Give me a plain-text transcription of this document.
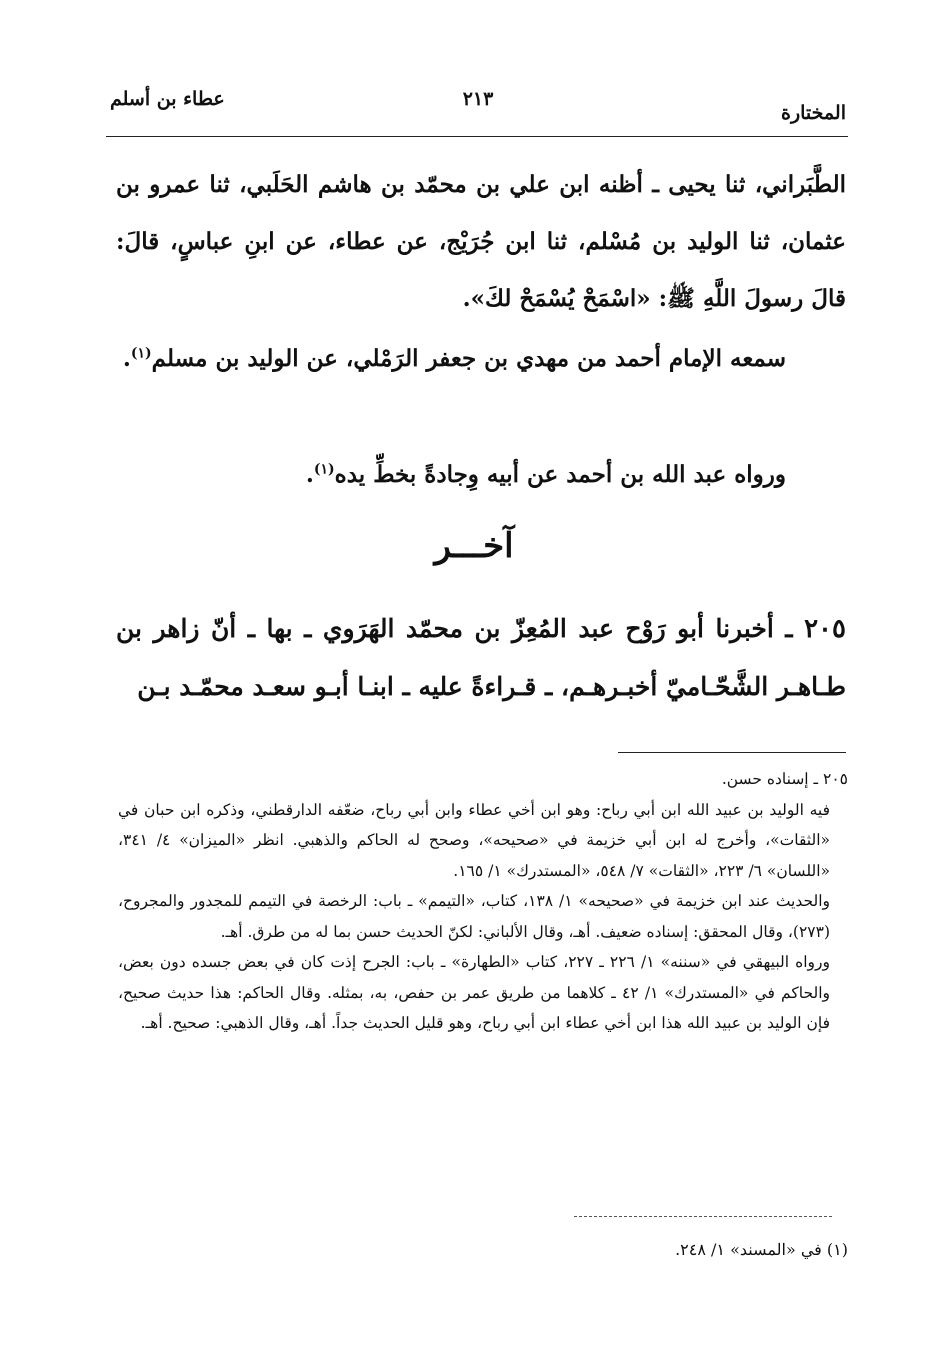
المختارة
٢١٣
عطاء بن أسلم

الطَّبَراني، ثنا يحيى ـ أظنه ابن علي بن محمّد بن هاشم الحَلَبي، ثنا عمرو بن عثمان، ثنا الوليد بن مُسْلم، ثنا ابن جُرَيْج، عن عطاء، عن ابنِ عباسٍ، قالَ: قالَ رسولَ اللَّهِ ﷺ: «اسْمَحْ يُسْمَحْ لكَ».

سمعه الإمام أحمد من مهدي بن جعفر الرَمْلي، عن الوليد بن مسلم$^{(١)}$.

ورواه عبد الله بن أحمد عن أبيه وِجادةً بخطِّ يده$^{(١)}$.

آخـــر

٢٠٥ ـ أخبرنا أبو رَوْح عبد المُعِزّ بن محمّد الهَرَوي ـ بها ـ أنّ زاهر بن طـاهـر الشَّحّـاميّ أخبـرهـم، ـ قـراءةً عليه ـ ابنـا أبـو سعـد محمّـد بـن

٢٠٥ ـ إسناده حسن.

فيه الوليد بن عبيد الله ابن أبي رباح: وهو ابن أخي عطاء وابن أبي رباح، ضعّفه الدارقطني، وذكره ابن حبان في «الثقات»، وأخرج له ابن أبي خزيمة في «صحيحه»، وصحح له الحاكم والذهبي. انظر «الميزان» ٤/ ٣٤١، «اللسان» ٦/ ٢٢٣، «الثقات» ٧/ ٥٤٨، «المستدرك» ١/ ١٦٥.

والحديث عند ابن خزيمة في «صحيحه» ١/ ١٣٨، كتاب، «التيمم» ـ باب: الرخصة في التيمم للمجدور والمجروح، (٢٧٣)، وقال المحقق: إسناده ضعيف. أهـ، وقال الألباني: لكنّ الحديث حسن بما له من طرق. أهـ.

ورواه البيهقي في «سننه» ١/ ٢٢٦ ـ ٢٢٧، كتاب «الطهارة» ـ باب: الجرح إذت كان في بعض جسده دون بعض، والحاكم في «المستدرك» ١/ ٤٢ ـ كلاهما من طريق عمر بن حفص، به، بمثله. وقال الحاكم: هذا حديث صحيح، فإن الوليد بن عبيد الله هذا ابن أخي عطاء ابن أبي رباح، وهو قليل الحديث جداً. أهـ، وقال الذهبي: صحيح. أهـ.

(١) في «المسند» ١/ ٢٤٨.
